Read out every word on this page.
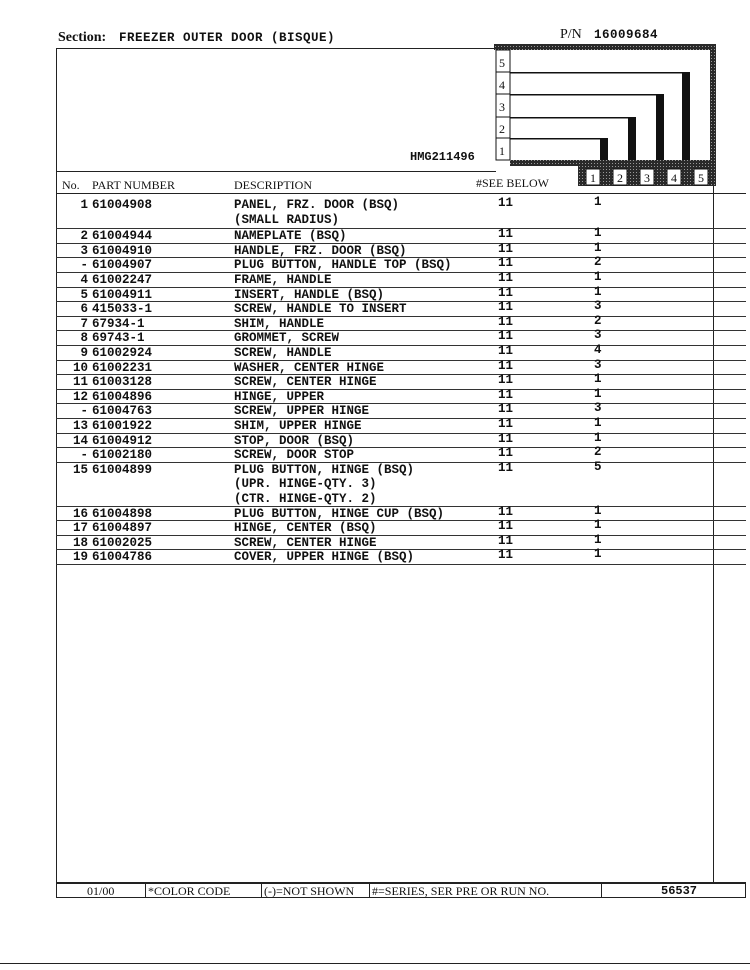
Section: FREEZER OUTER DOOR (BISQUE)	P/N 16009684
5
4
3
2
1
1 2 3 4 5
HMG211496
No. PART NUMBER	DESCRIPTION	#SEE BELOW
1 61004908	PANEL, FRZ. DOOR (BSQ)
(SMALL RADIUS)
11	1
2 61004944	NAMEPLATE (BSQ)	11	1
3 61004910	HANDLE, FRZ. DOOR (BSQ)	11	1
- 61004907	PLUG BUTTON, HANDLE TOP (BSQ)	11	2
4 61002247	FRAME, HANDLE	11	1
5 61004911	INSERT, HANDLE (BSQ)	11	1
6 415033-1	SCREW, HANDLE TO INSERT	11	3
7 67934-1	SHIM, HANDLE	11	2
8 69743-1	GROMMET, SCREW	11	3
9 61002924	SCREW, HANDLE	11	4
10 61002231	WASHER, CENTER HINGE	11	3
11 61003128	SCREW, CENTER HINGE	11	1
12 61004896	HINGE, UPPER	11	1
- 61004763	SCREW, UPPER HINGE	11	3
13 61001922	SHIM, UPPER HINGE	11	1
14 61004912	STOP, DOOR (BSQ)	11	1
- 61002180	SCREW, DOOR STOP	11	2
15 61004899	PLUG BUTTON, HINGE (BSQ)
(UPR. HINGE-QTY. 3)
(CTR. HINGE-QTY. 2)
11	5
16 61004898	PLUG BUTTON, HINGE CUP (BSQ)	11	1
17 61004897	HINGE, CENTER (BSQ)	11	1
18 61002025	SCREW, CENTER HINGE	11	1
19 61004786	COVER, UPPER HINGE (BSQ)	11	1
01/00	*COLOR CODE	(-)=NOT SHOWN #=SERIES, SER PRE OR RUN NO.	56537
